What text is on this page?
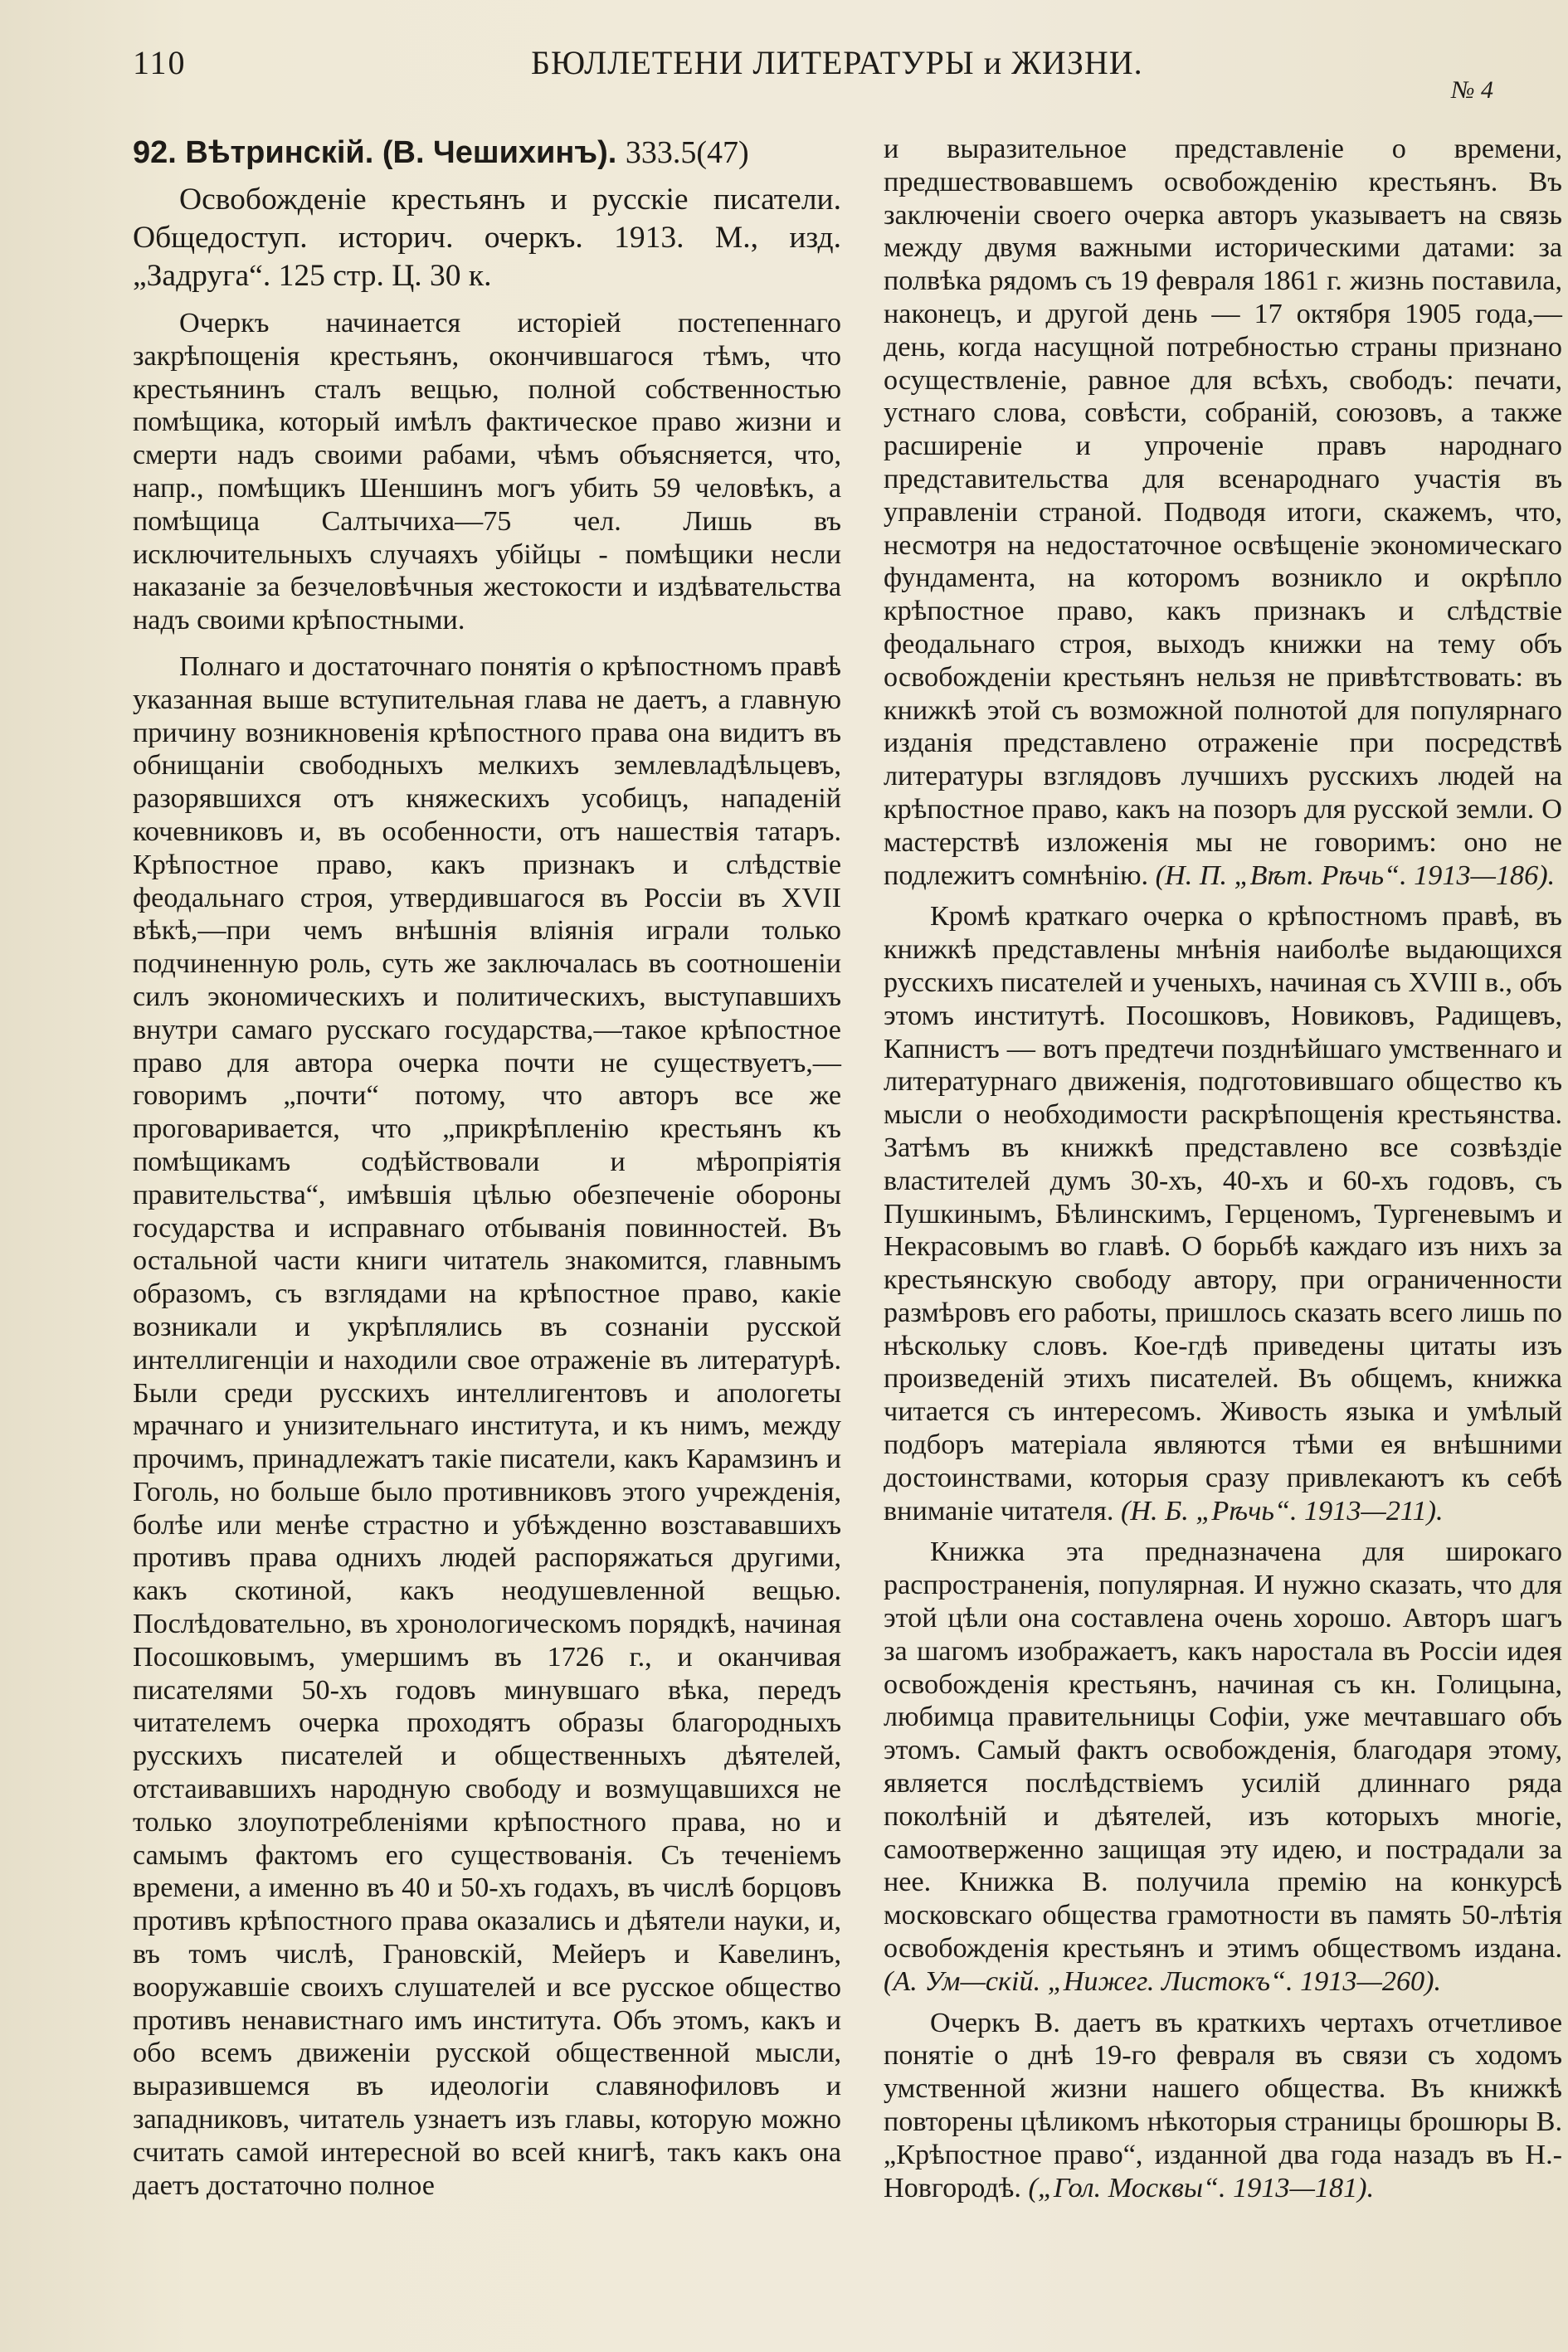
110	БЮЛЛЕТЕНИ ЛИТЕРАТУРЫ и ЖИЗНИ.
№ 4
92. Вѣтринскій. (В. Чешихинъ). 333.5(47)

Освобожденіе крестьянъ и русскіе писатели. Общедоступ. историч. очеркъ. 1913. М., изд. „Задруга“. 125 стр. Ц. 30 к.

Очеркъ начинается исторіей постепеннаго закрѣпощенія крестьянъ, окончившагося тѣмъ, что крестьянинъ сталъ вещью, полной собственностью помѣщика, который имѣлъ фактическое право жизни и смерти надъ своими рабами, чѣмъ объясняется, что, напр., помѣщикъ Шеншинъ могъ убить 59 человѣкъ, а помѣщица Салтычиха—75 чел. Лишь въ исключительныхъ случаяхъ убійцы - помѣщики несли наказаніе за безчеловѣчныя жестокости и издѣвательства надъ своими крѣпостными.

Полнаго и достаточнаго понятія о крѣпостномъ правѣ указанная выше вступительная глава не даетъ, а главную причину возникновенія крѣпостного права она видитъ въ обнищаніи свободныхъ мелкихъ землевладѣльцевъ, разорявшихся отъ княжескихъ усобицъ, нападеній кочевниковъ и, въ особенности, отъ нашествія татаръ. Крѣпостное право, какъ признакъ и слѣдствіе феодальнаго строя, утвердившагося въ Россіи въ XVII вѣкѣ,—при чемъ внѣшнія вліянія играли только подчиненную роль, суть же заключалась въ соотношеніи силъ экономическихъ и политическихъ, выступавшихъ внутри самаго русскаго государства,—такое крѣпостное право для автора очерка почти не существуетъ,—говоримъ „почти“ потому, что авторъ все же проговаривается, что „прикрѣпленію крестьянъ къ помѣщикамъ содѣйствовали и мѣропріятія правительства“, имѣвшія цѣлью обезпеченіе обороны государства и исправнаго отбыванія повинностей. Въ остальной части книги читатель знакомится, главнымъ образомъ, съ взглядами на крѣпостное право, какіе возникали и укрѣплялись въ сознаніи русской интеллигенціи и находили свое отраженіе въ литературѣ. Были среди русскихъ интеллигентовъ и апологеты мрачнаго и унизительнаго института, и къ нимъ, между прочимъ, принадлежатъ такіе писатели, какъ Карамзинъ и Гоголь, но больше было противниковъ этого учрежденія, болѣе или менѣе страстно и убѣжденно возстававшихъ противъ права однихъ людей распоряжаться другими, какъ скотиной, какъ неодушевленной вещью. Послѣдовательно, въ хронологическомъ порядкѣ, начиная Посошковымъ, умершимъ въ 1726 г., и оканчивая писателями 50-хъ годовъ минувшаго вѣка, передъ читателемъ очерка проходятъ образы благородныхъ русскихъ писателей и общественныхъ дѣятелей, отстаивавшихъ народную свободу и возмущавшихся не только злоупотребленіями крѣпостного права, но и самымъ фактомъ его существованія. Съ теченіемъ времени, а именно въ 40 и 50-хъ годахъ, въ числѣ борцовъ противъ крѣпостного права оказались и дѣятели науки, и, въ томъ числѣ, Грановскій, Мейеръ и Кавелинъ, вооружавшіе своихъ слушателей и все русское общество противъ ненавистнаго имъ института. Объ этомъ, какъ и обо всемъ движеніи русской общественной мысли, выразившемся въ идеологіи славянофиловъ и западниковъ, читатель узнаетъ изъ главы, которую можно считать самой интересной во всей книгѣ, такъ какъ она даетъ достаточно полное

и выразительное представленіе о времени, предшествовавшемъ освобожденію крестьянъ. Въ заключеніи своего очерка авторъ указываетъ на связь между двумя важными историческими датами: за полвѣка рядомъ съ 19 февраля 1861 г. жизнь поставила, наконецъ, и другой день — 17 октября 1905 года,—день, когда насущной потребностью страны признано осуществленіе, равное для всѣхъ, свободъ: печати, устнаго слова, совѣсти, собраній, союзовъ, а также расширеніе и упроченіе правъ народнаго представительства для всенароднаго участія въ управленіи страной. Подводя итоги, скажемъ, что, несмотря на недостаточное освѣщеніе экономическаго фундамента, на которомъ возникло и окрѣпло крѣпостное право, какъ признакъ и слѣдствіе феодальнаго строя, выходъ книжки на тему объ освобожденіи крестьянъ нельзя не привѣтствовать: въ книжкѣ этой съ возможной полнотой для популярнаго изданія представлено отраженіе при посредствѣ литературы взглядовъ лучшихъ русскихъ людей на крѣпостное право, какъ на позоръ для русской земли. О мастерствѣ изложенія мы не говоримъ: оно не подлежитъ сомнѣнію. (Н. П. „Вѣт. Рѣчь“. 1913—186).

Кромѣ краткаго очерка о крѣпостномъ правѣ, въ книжкѣ представлены мнѣнія наиболѣе выдающихся русскихъ писателей и ученыхъ, начиная съ XVIII в., объ этомъ институтѣ. Посошковъ, Новиковъ, Радищевъ, Капнистъ — вотъ предтечи позднѣйшаго умственнаго и литературнаго движенія, подготовившаго общество къ мысли о необходимости раскрѣпощенія крестьянства. Затѣмъ въ книжкѣ представлено все созвѣздіе властителей думъ 30-хъ, 40-хъ и 60-хъ годовъ, съ Пушкинымъ, Бѣлинскимъ, Герценомъ, Тургеневымъ и Некрасовымъ во главѣ. О борьбѣ каждаго изъ нихъ за крестьянскую свободу автору, при ограниченности размѣровъ его работы, пришлось сказать всего лишь по нѣскольку словъ. Кое-гдѣ приведены цитаты изъ произведеній этихъ писателей. Въ общемъ, книжка читается съ интересомъ. Живость языка и умѣлый подборъ матеріала являются тѣми ея внѣшними достоинствами, которыя сразу привлекаютъ къ себѣ вниманіе читателя. (Н. Б. „Рѣчь“. 1913—211).

Книжка эта предназначена для широкаго распространенія, популярная. И нужно сказать, что для этой цѣли она составлена очень хорошо. Авторъ шагъ за шагомъ изображаетъ, какъ наростала въ Россіи идея освобожденія крестьянъ, начиная съ кн. Голицына, любимца правительницы Софіи, уже мечтавшаго объ этомъ. Самый фактъ освобожденія, благодаря этому, является послѣдствіемъ усилій длиннаго ряда поколѣній и дѣятелей, изъ которыхъ многіе, самоотверженно защищая эту идею, и пострадали за нее. Книжка В. получила премію на конкурсѣ московскаго общества грамотности въ память 50-лѣтія освобожденія крестьянъ и этимъ обществомъ издана. (А. Ум—скій. „Нижег. Листокъ“. 1913—260).

Очеркъ В. даетъ въ краткихъ чертахъ отчетливое понятіе о днѣ 19-го февраля въ связи съ ходомъ умственной жизни нашего общества. Въ книжкѣ повторены цѣликомъ нѣкоторыя страницы брошюры В. „Крѣпостное право“, изданной два года назадъ въ Н.-Новгородѣ. („Гол. Москвы“. 1913—181).
